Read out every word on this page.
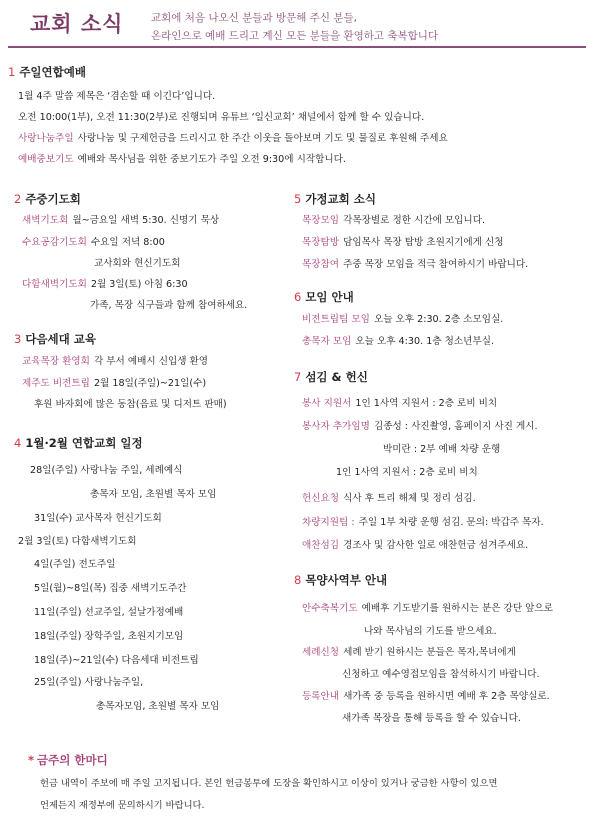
교회 소식	교회에 처음 나오신 분들과 방문해 주신 분들,
온라인으로 예배 드리고 계신 모든 분들을 환영하고 축복합니다
1 주일연합예배
1월 4주 말씀 제목은 ‘겸손할 때 이긴다’입니다.
오전 10:00(1부), 오전 11:30(2부)로 진행되며 유튜브 ‘일신교회’ 채널에서 함께 할 수 있습니다.
사랑나눔주일 사랑나눔 및 구제헌금을 드리시고 한 주간 이웃을 돌아보며 기도 및 물질로 후원해 주세요
예배중보기도 예배와 목사님을 위한 중보기도가 주일 오전 9:30에 시작합니다.
2 주중기도회
새벽기도회 월~금요일 새벽 5:30. 신명기 묵상
수요공감기도회 수요일 저녁 8:00
교사회와 현신기도회
다함새벽기도회 2월 3일(토) 아침 6:30
가족, 목장 식구들과 함께 참여하세요.
3 다음세대 교육
교육목장 환영회 각 부서 예배시 신입생 환영
제주도 비전트립 2월 18일(주일)~21일(수)
후원 바자회에 많은 동참(음료 및 디저트 판매)
4 1월·2월 연합교회 일정
28일(주일) 사랑나눔 주일, 세례예식
총목자 모임, 초원별 목자 모임
31일(수) 교사목자 헌신기도회
2월 3일(토) 다함새벽기도회
4일(주일) 전도주일
5일(월)~8일(목) 집중 새벽기도주간
11일(주일) 선교주일, 설날가정예배
18일(주일) 장학주일, 초원지기모임
18일(주)~21일(수) 다음세대 비전트립
25일(주일) 사랑나눔주일,
총목자모임, 초원별 목자 모임
5 가정교회 소식
목장모임 각목장별로 정한 시간에 모입니다.
목장탐방 담임목사 목장 탐방 초원지기에게 신청
목장참여 주중 목장 모임을 적극 참여하시기 바랍니다.
6 모임 안내
비전트립팀 모임 오늘 오후 2:30. 2층 소모임실.
총목자 모임 오늘 오후 4:30. 1층 청소년부실.
7 섬김 & 헌신
봉사 지원서 1인 1사역 지원서 : 2층 로비 비치
봉사자 추가임명 김종성 : 사진촬영, 홈페이지 사진 게시.
박미란 : 2부 예배 차량 운행
1인 1사역 지원서 : 2층 로비 비치
헌신요청 식사 후 트리 해체 및 정리 섬김.
차량지원팀 : 주일 1부 차량 운행 섬김. 문의: 박갑주 목자.
애찬섬김 경조사 및 감사한 일로 애찬헌금 섬겨주세요.
8 목양사역부 안내
안수축복기도 예배후 기도받기를 원하시는 분은 강단 앞으로
나와 목사님의 기도를 받으세요.
세례신청 세례 받기 원하시는 분들은 목자,목녀에게
신청하고 예수영접모임을 참석하시기 바랍니다.
등록안내 새가족 중 등록을 원하시면 예배 후 2층 목양실로.
새가족 목장을 통해 등록을 할 수 있습니다.
* 금주의 한마디
헌금 내역이 주보에 매 주일 고지됩니다. 본인 헌금봉투에 도장을 확인하시고 이상이 있거나 궁금한 사항이 있으면
언제든지 재정부에 문의하시기 바랍니다.
